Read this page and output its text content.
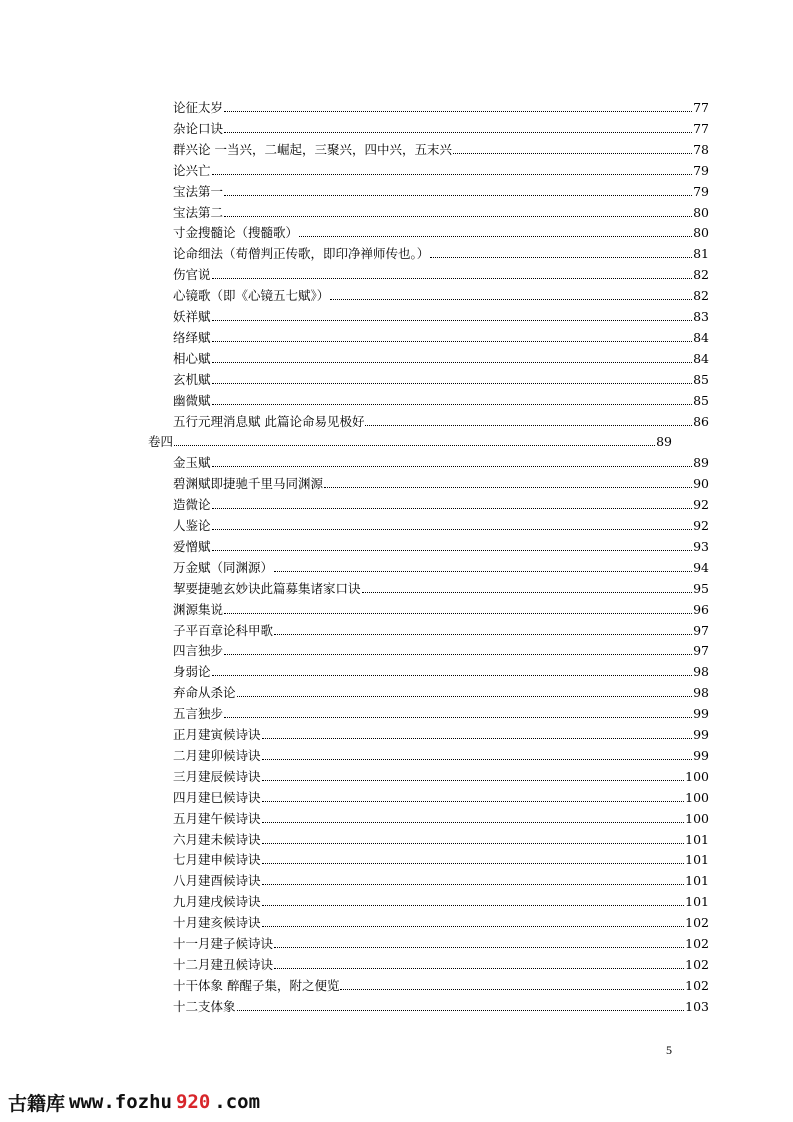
论征太岁	77
杂论口诀	77
群兴论 一当兴，二崛起，三聚兴，四中兴，五末兴	78
论兴亡	79
宝法第一	79
宝法第二	80
寸金搜髓论（搜髓歌）	80
论命细法（荀僧判正传歌，即印净禅师传也。）	81
伤官说	82
心镜歌（即《心镜五七赋》）	82
妖祥赋	83
络绎赋	84
相心赋	84
玄机赋	85
幽微赋	85
五行元理消息赋 此篇论命易见极好	86
卷四	89
金玉赋	89
碧渊赋即捷驰千里马同渊源	90
造微论	92
人鉴论	92
爱憎赋	93
万金赋（同渊源）	94
挈要捷驰玄妙诀此篇募集诸家口诀	95
渊源集说	96
子平百章论科甲歌	97
四言独步	97
身弱论	98
弃命从杀论	98
五言独步	99
正月建寅候诗诀	99
二月建卯候诗诀	99
三月建辰候诗诀	100
四月建巳候诗诀	100
五月建午候诗诀	100
六月建未候诗诀	101
七月建申候诗诀	101
八月建酉候诗诀	101
九月建戌候诗诀	101
十月建亥候诗诀	102
十一月建子候诗诀	102
十二月建丑候诗诀	102
十干体象 醉醒子集，附之便览	102
十二支体象	103
5
古籍库 www.fozhu 920 .com
